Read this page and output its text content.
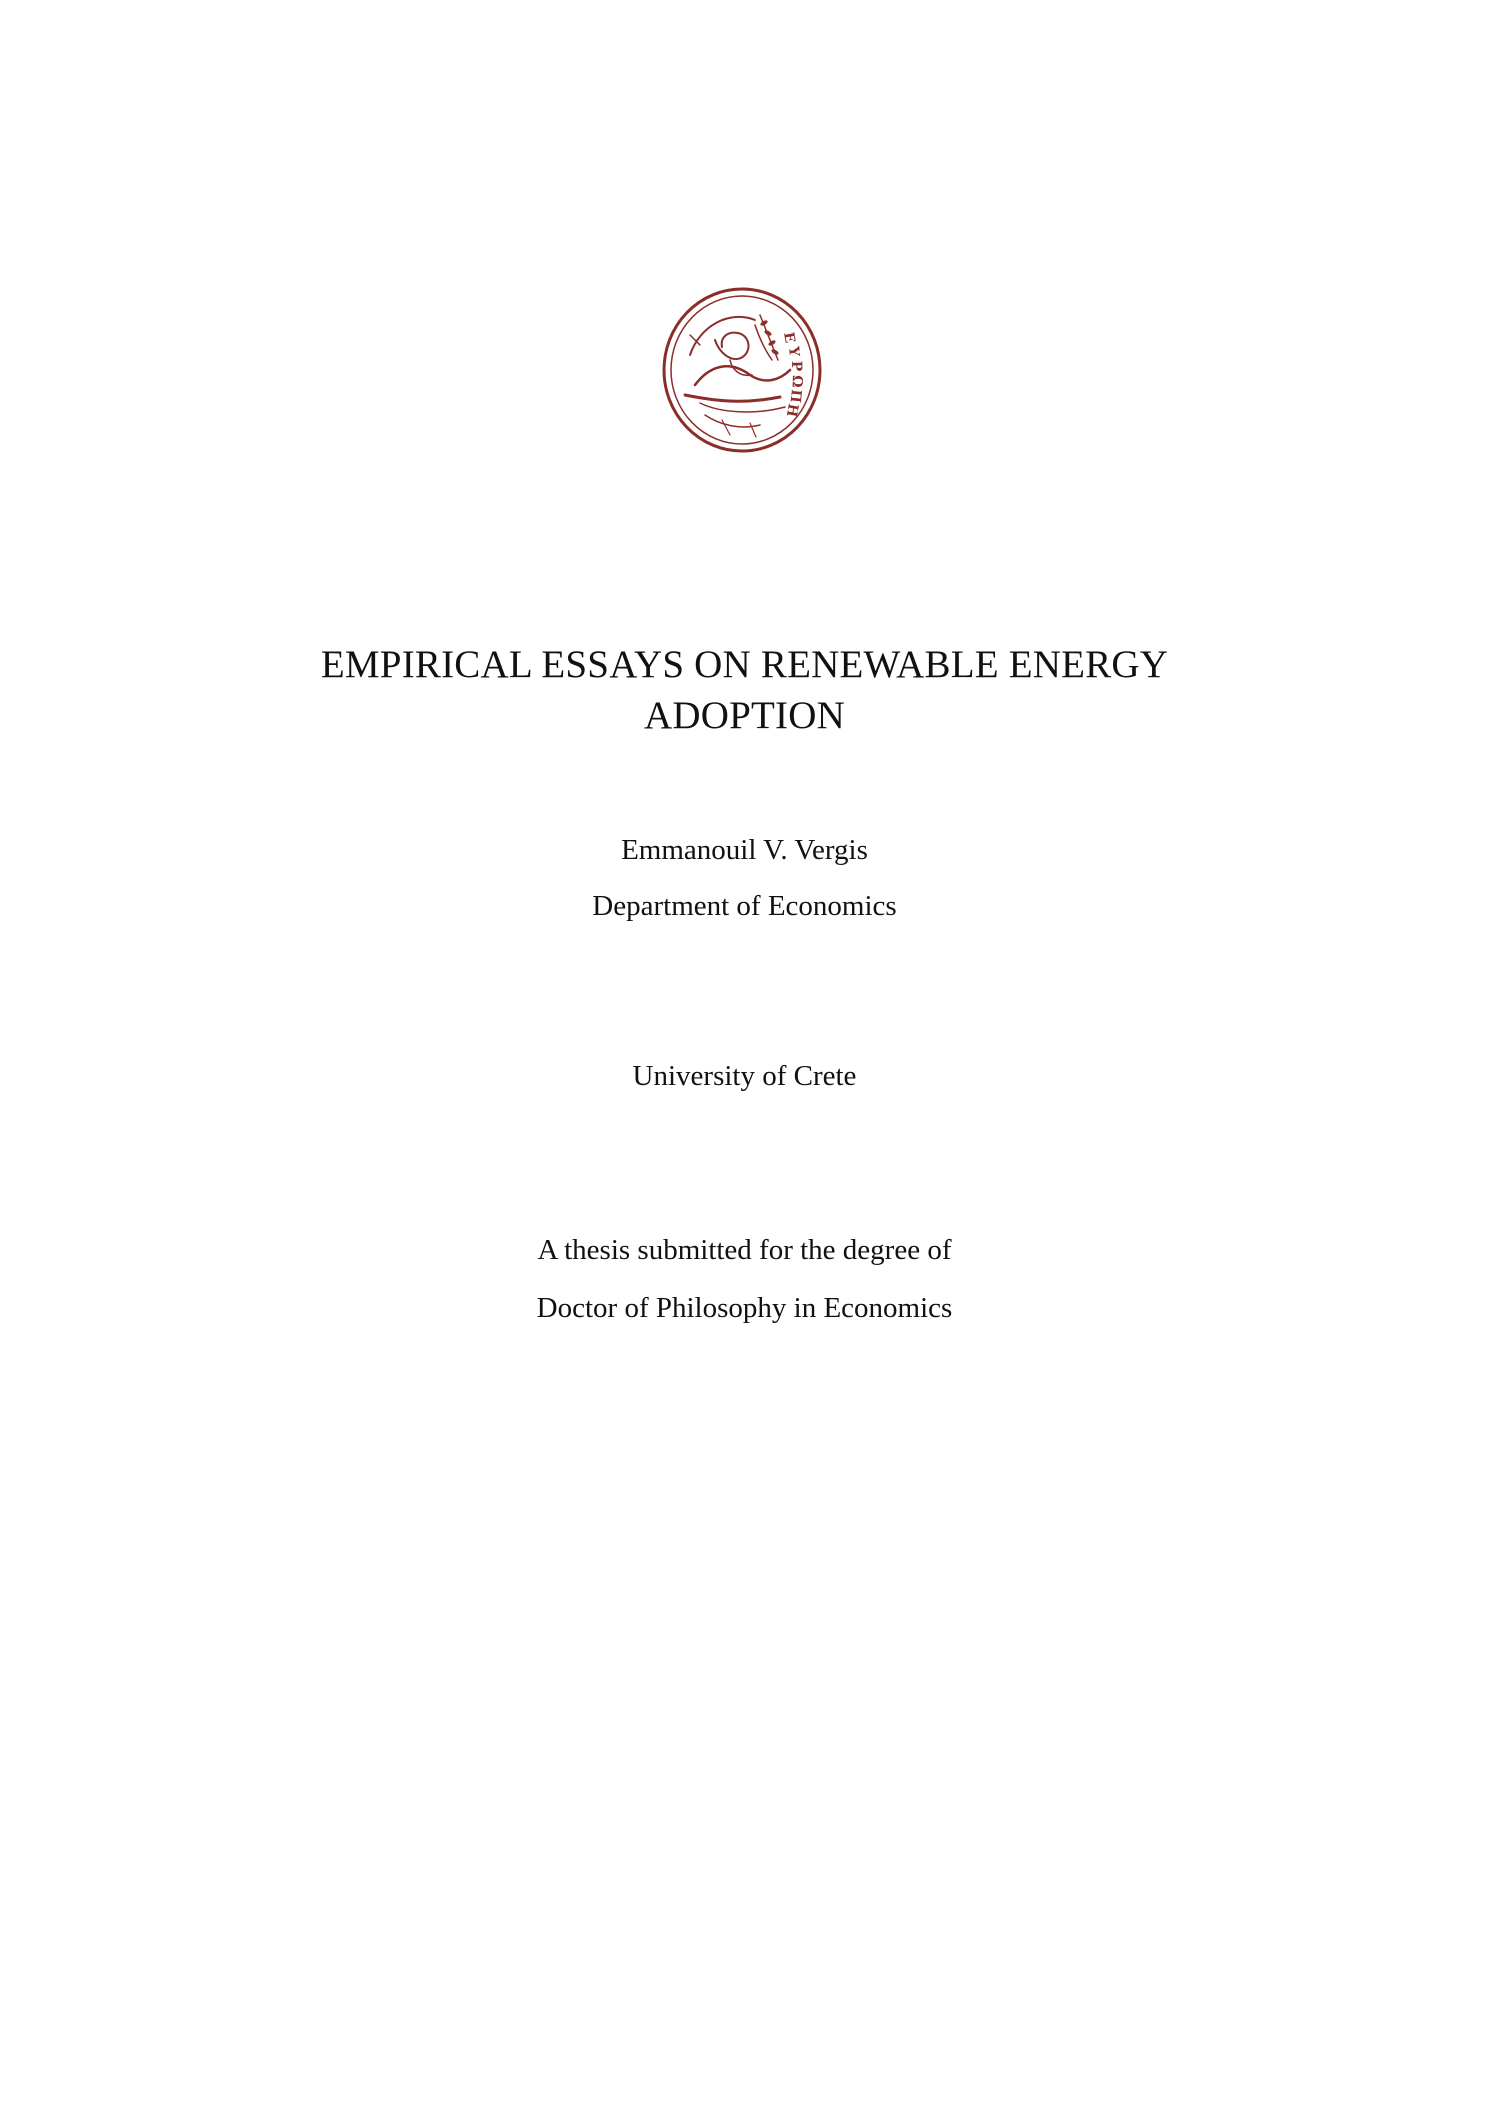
Ε
Υ
Ρ
Ω
Π
Η
EMPIRICAL ESSAYS ON RENEWABLE ENERGY
ADOPTION
Emmanouil V. Vergis
Department of Economics
University of Crete
A thesis submitted for the degree of
Doctor of Philosophy in Economics
